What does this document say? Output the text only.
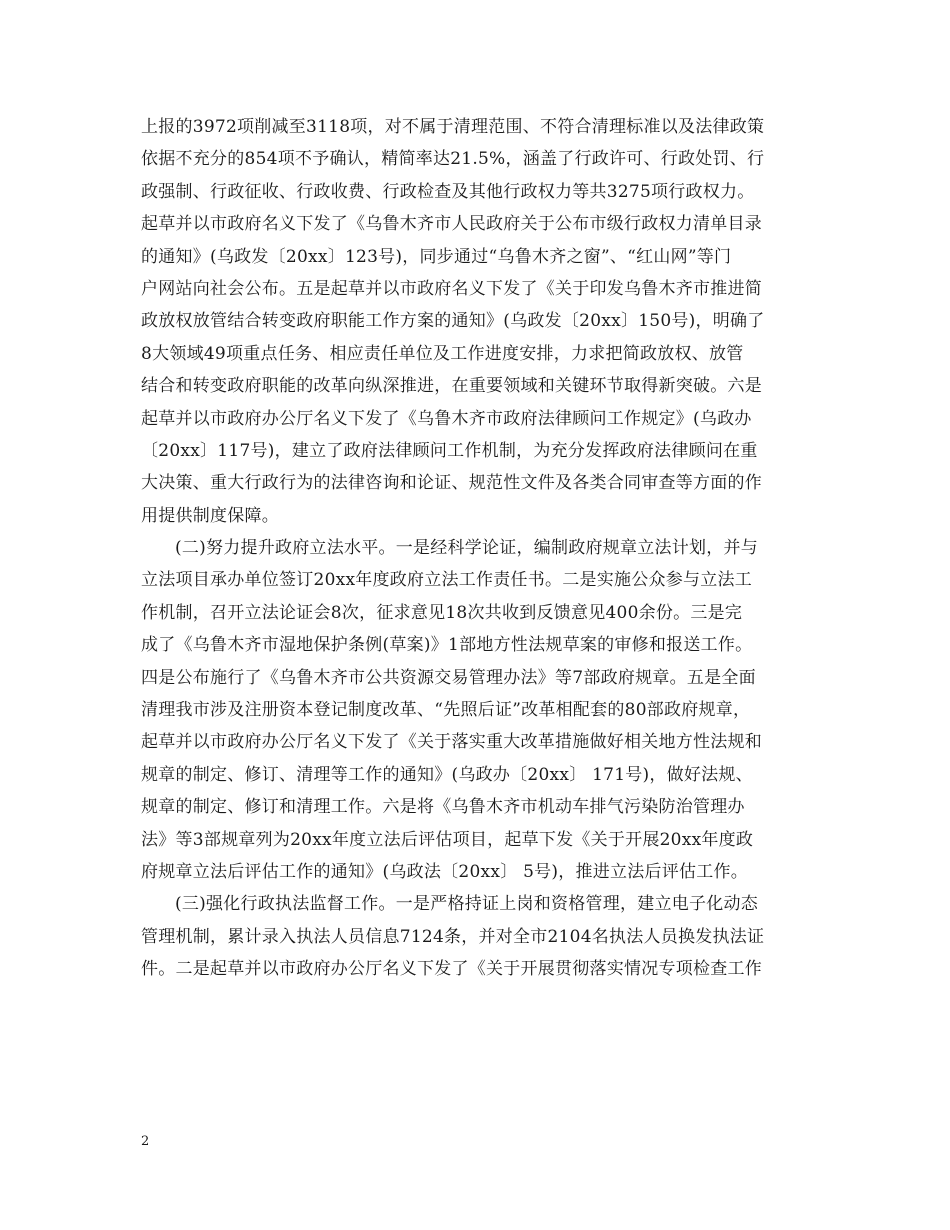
上报的3972项削减至3118项，对不属于清理范围、不符合清理标准以及法律政策
依据不充分的854项不予确认，精简率达21.5%，涵盖了行政许可、行政处罚、行
政强制、行政征收、行政收费、行政检查及其他行政权力等共3275项行政权力。
起草并以市政府名义下发了《乌鲁木齐市人民政府关于公布市级行政权力清单目录
的通知》(乌政发〔20xx〕123号)，同步通过“乌鲁木齐之窗”、“红山网”等门
户网站向社会公布。五是起草并以市政府名义下发了《关于印发乌鲁木齐市推进简
政放权放管结合转变政府职能工作方案的通知》(乌政发〔20xx〕150号)，明确了
8大领域49项重点任务、相应责任单位及工作进度安排，力求把简政放权、放管
结合和转变政府职能的改革向纵深推进，在重要领域和关键环节取得新突破。六是
起草并以市政府办公厅名义下发了《乌鲁木齐市政府法律顾问工作规定》(乌政办
〔20xx〕117号)，建立了政府法律顾问工作机制，为充分发挥政府法律顾问在重
大决策、重大行政行为的法律咨询和论证、规范性文件及各类合同审查等方面的作
用提供制度保障。
(二)努力提升政府立法水平。一是经科学论证，编制政府规章立法计划，并与
立法项目承办单位签订20xx年度政府立法工作责任书。二是实施公众参与立法工
作机制，召开立法论证会8次，征求意见18次共收到反馈意见400余份。三是完
成了《乌鲁木齐市湿地保护条例(草案)》1部地方性法规草案的审修和报送工作。
四是公布施行了《乌鲁木齐市公共资源交易管理办法》等7部政府规章。五是全面
清理我市涉及注册资本登记制度改革、“先照后证”改革相配套的80部政府规章，
起草并以市政府办公厅名义下发了《关于落实重大改革措施做好相关地方性法规和
规章的制定、修订、清理等工作的通知》(乌政办〔20xx〕 171号)，做好法规、
规章的制定、修订和清理工作。六是将《乌鲁木齐市机动车排气污染防治管理办
法》等3部规章列为20xx年度立法后评估项目，起草下发《关于开展20xx年度政
府规章立法后评估工作的通知》(乌政法〔20xx〕 5号)，推进立法后评估工作。
(三)强化行政执法监督工作。一是严格持证上岗和资格管理，建立电子化动态
管理机制，累计录入执法人员信息7124条，并对全市2104名执法人员换发执法证
件。二是起草并以市政府办公厅名义下发了《关于开展贯彻落实情况专项检查工作
2
